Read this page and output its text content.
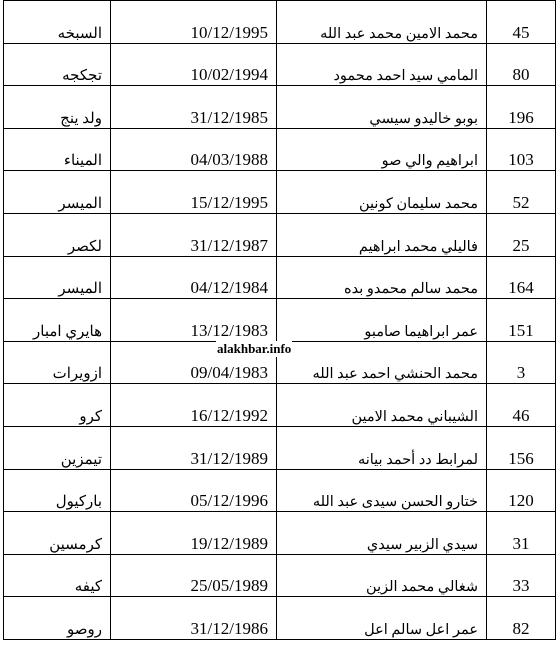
السبخه	10/12/1995	محمد الامين محمد عبد الله	45
تجكجه	10/02/1994	المامي سيد احمد محمود	80
ولد ينج	31/12/1985	بوبو خاليدو سيسي	196
الميناء	04/03/1988	ابراهيم والي صو	103
الميسر	15/12/1995	محمد سليمان كونين	52
لكصر	31/12/1987	فاليلي محمد ابراهيم	25
الميسر	04/12/1984	محمد سالم محمدو بده	164
هايري امبار	13/12/1983	عمر ابراهيما صامبو	151
ازويرات	09/04/1983	محمد الحنشي احمد عبد الله	3
كرو	16/12/1992	الشيباني محمد الامين	46
تيمزين	31/12/1989	لمرابط دد أحمد بيانه	156
باركيول	05/12/1996	ختارو الحسن سيدى عبد الله	120
كرمسين	19/12/1989	سيدي الزبير سيدي	31
كيفه	25/05/1989	شغالي محمد الزين	33
روصو	31/12/1986	عمر اعل سالم اعل	82
alakhbar.info
